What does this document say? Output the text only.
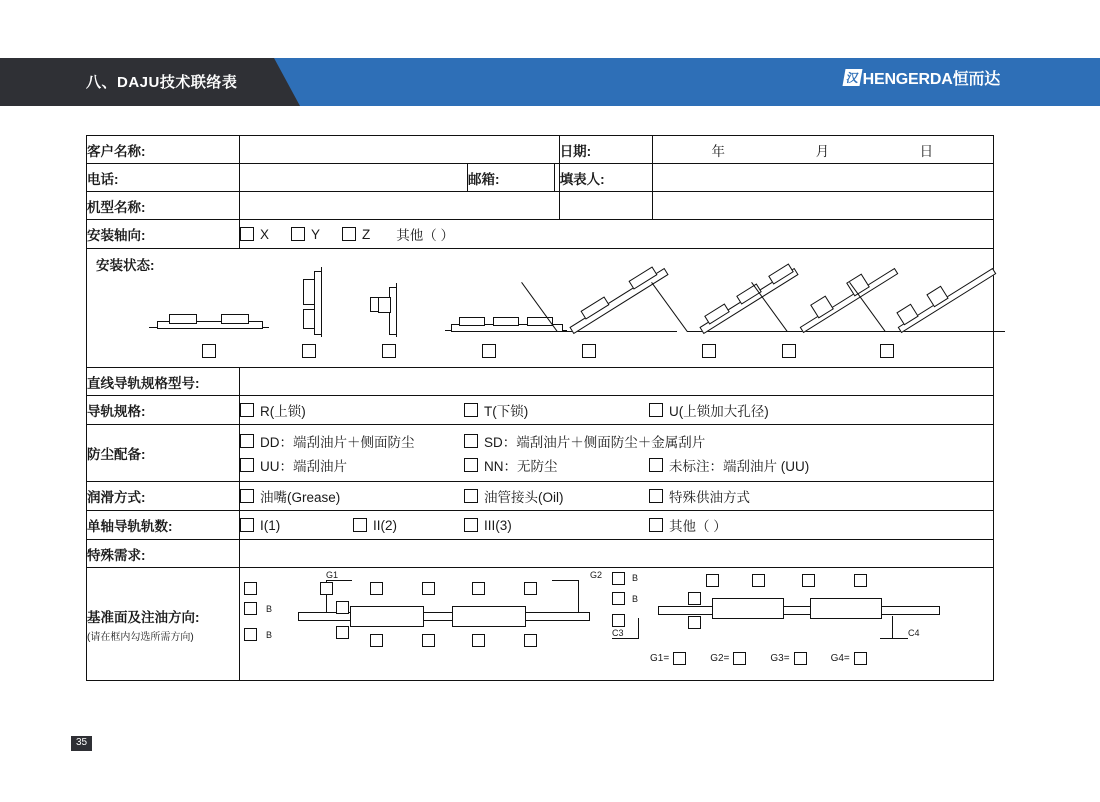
八、DAJU技术联络表	汉 HENGERDA恒而达
35
客户名称:				日期:	年 月 日

电话:		邮箱:		填表人:	
机型名称:					
安装轴向:	X Y Z 其他（ ）				

安装状态:					

直线导轨规格型号:					
导轨规格:	R(上锁) T(下锁) U(上锁加大孔径)				

防尘配备:	DD：端刮油片＋侧面防尘 SD：端刮油片＋侧面防尘＋金属刮片
UU：端刮油片 NN：无防尘 未标注：端刮油片 (UU)				

润滑方式:	油嘴(Grease) 油管接头(Oil) 特殊供油方式				

单轴导轨轨数:	I(1) II(2) III(3) 其他（ ）				

特殊需求:					
基准面及注油方向:
(请在框内勾选所需方向)

G1	G2
B
B
B
B
C3	C4
G1=	G2=	G3=	G4=
